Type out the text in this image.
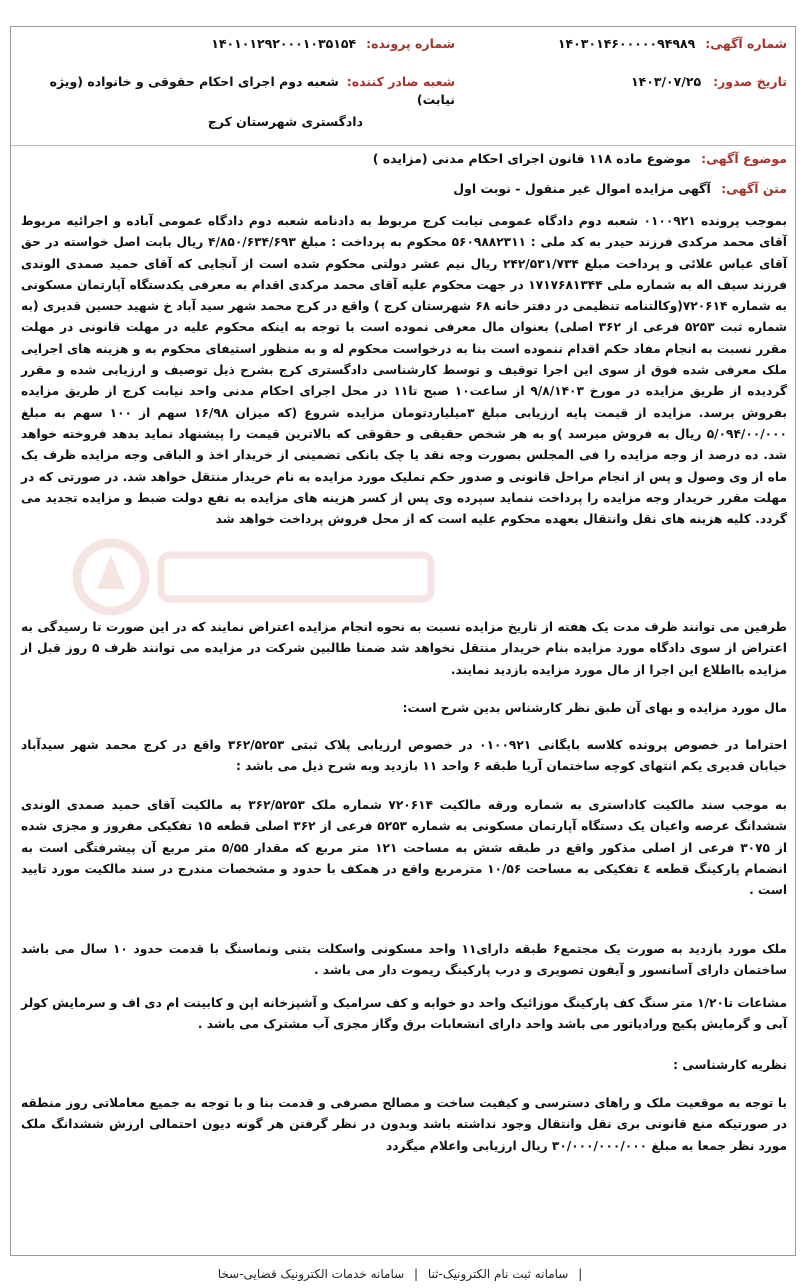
شماره آگهی: ۱۴۰۳۰۱۴۶۰۰۰۰۰۹۴۹۸۹
شماره پرونده: ۱۴۰۱۰۱۲۹۲۰۰۰۱۰۳۵۱۵۴
تاریخ صدور: ۱۴۰۳/۰۷/۲۵
شعبه صادر کننده: شعبه دوم اجرای احکام حقوقی و خانواده (ویژه نیابت)
دادگستری شهرستان کرج
موضوع آگهی: موضوع ماده ۱۱۸ قانون اجرای احکام مدنی (مزایده )
متن آگهی: آگهی مزایده اموال غیر منقول - نوبت اول
بموجب پرونده ۰۱۰۰۹۲۱ شعبه دوم دادگاه عمومی نیابت کرج مربوط به دادنامه شعبه دوم دادگاه عمومی آباده و اجرائیه مربوط آقای محمد مرکدی فرزند حیدر به کد ملی : ۵۶۰۹۸۸۲۳۱۱ محکوم به پرداخت : مبلغ ۴/۸۵۰/۶۳۴/۶۹۳ ریال بابت اصل خواسته در حق آقای عباس علائی و پرداخت مبلغ ۲۴۲/۵۳۱/۷۳۴ ریال نیم عشر دولتی محکوم شده است از آنجایی که آقای حمید صمدی الوندی فرزند سیف اله به شماره ملی ۱۷۱۷۶۸۱۳۴۴ در جهت محکوم علیه آقای محمد مرکدی اقدام به معرفی یکدستگاه آپارتمان مسکونی به شماره ۷۲۰۶۱۴(وکالتنامه تنظیمی در دفتر خانه ۶۸ شهرستان کرج ) واقع در کرج محمد شهر سید آباد خ شهید حسین قدیری (به شماره ثبت ۵۲۵۳ فرعی از ۳۶۲ اصلی) بعنوان مال معرفی نموده است با توجه به اینکه محکوم علیه در مهلت قانونی در مهلت مقرر نسبت به انجام مفاد حکم اقدام ننموده است بنا به درخواست محکوم له و به منظور استیفای محکوم به و هزینه های اجرایی ملک معرفی شده فوق از سوی این اجرا توقیف و توسط کارشناسی دادگستری کرج بشرح ذیل توصیف و ارزیابی شده و مقرر گردیده از طریق مزایده در مورخ ۹/۸/۱۴۰۳ از ساعت۱۰ صبح تا۱۱ در محل اجرای احکام مدنی واحد نیابت کرج از طریق مزایده بفروش برسد. مزایده از قیمت پایه ارزیابی مبلغ ۳میلیاردتومان مزایده شروع (که میزان ۱۶/۹۸ سهم از ۱۰۰ سهم به مبلغ ۵/۰۹۴/۰۰/۰۰۰ ریال به فروش میرسد )و به هر شخص حقیقی و حقوقی که بالاترین قیمت را پیشنهاد نماید بدهد فروخته خواهد شد. ده درصد از وجه مزایده را فی المجلس بصورت وجه نقد یا چک بانکی تضمینی از خریدار اخذ و الباقی وجه مزایده ظرف یک ماه از وی وصول و پس از انجام مراحل قانونی و صدور حکم تملیک مورد مزایده به نام خریدار منتقل خواهد شد. در صورتی که در مهلت مقرر خریدار وجه مزایده را پرداخت ننماید سپرده وی پس از کسر هزینه های مزایده به نفع دولت ضبط و مزایده تجدید می گردد. کلیه هزینه های نقل وانتقال بعهده محکوم علیه است که از محل فروش پرداخت خواهد شد
طرفین می توانند ظرف مدت یک هفته از تاریخ مزایده نسبت به نحوه انجام مزایده اعتراض نمایند که در این صورت تا رسیدگی به اعتراض از سوی دادگاه مورد مزایده بنام خریدار منتقل نخواهد شد ضمنا طالبین شرکت در مزایده می توانند ظرف ۵ روز قبل از مزایده بااطلاع این اجرا از مال مورد مزایده بازدید نمایند.
مال مورد مزایده و بهای آن طبق نظر کارشناس بدین شرح است:
احتراما در خصوص پرونده کلاسه بایگانی ۰۱۰۰۹۲۱ در خصوص ارزیابی پلاک ثبتی ۳۶۲/۵۲۵۳ واقع در کرج محمد شهر سیدآباد خیابان قدیری یکم انتهای کوچه ساختمان آریا طبقه ۶ واحد ۱۱ بازدید وبه شرح ذیل می باشد :
به موجب سند مالکیت کاداستری به شماره ورقه مالکیت ۷۲۰۶۱۴ شماره ملک ۳۶۲/۵۲۵۳ به مالکیت آقای حمید صمدی الوندی ششدانگ عرصه واعیان یک دستگاه آپارتمان مسکونی به شماره ۵۲۵۳ فرعی از ۳۶۲ اصلی قطعه ۱۵ تفکیکی مفروز و مجزی شده از ۳۰۷۵ فرعی از اصلی مذکور واقع در طبقه شش به مساحت ۱۲۱ متر مربع که مقدار ۵/۵۵ متر مربع آن پیشرفتگی است به انضمام پارکینگ قطعه ٤ تفکیکی به مساحت ۱۰/۵۶ مترمربع واقع در همکف با حدود و مشخصات مندرج در سند مالکیت مورد تایید است .
ملک مورد بازدید به صورت یک مجتمع۶ طبقه دارای۱۱ واحد مسکونی واسکلت بتنی ونماسنگ با قدمت حدود ۱۰ سال می باشد ساختمان دارای آسانسور و آیفون تصویری و درب پارکینگ ریموت دار می باشد .
مشاعات تا۱/۲۰ متر سنگ کف پارکینگ موزائیک واحد دو خوابه و کف سرامیک و آشپزخانه اپن و کابینت ام دی اف و سرمایش کولر آبی و گرمایش پکیج ورادیاتور می باشد واحد دارای انشعابات برق وگاز مجزی آب مشترک می باشد .
نظریه کارشناسی :
با توجه به موقعیت ملک و راهای دسترسی و کیفیت ساخت و مصالح مصرفی و قدمت بنا و با توجه به جمیع معاملاتی روز منطقه در صورتیکه منع قانونی بری نقل وانتقال وجود نداشته باشد وبدون در نظر گرفتن هر گونه دیون احتمالی ارزش ششدانگ ملک مورد نظر جمعا به مبلغ ۳۰/۰۰۰/۰۰۰/۰۰۰ ریال ارزیابی واعلام میگردد
| سامانه ثبت نام الکترونیک-ثنا | سامانه خدمات الکترونیک قضایی-سخا
